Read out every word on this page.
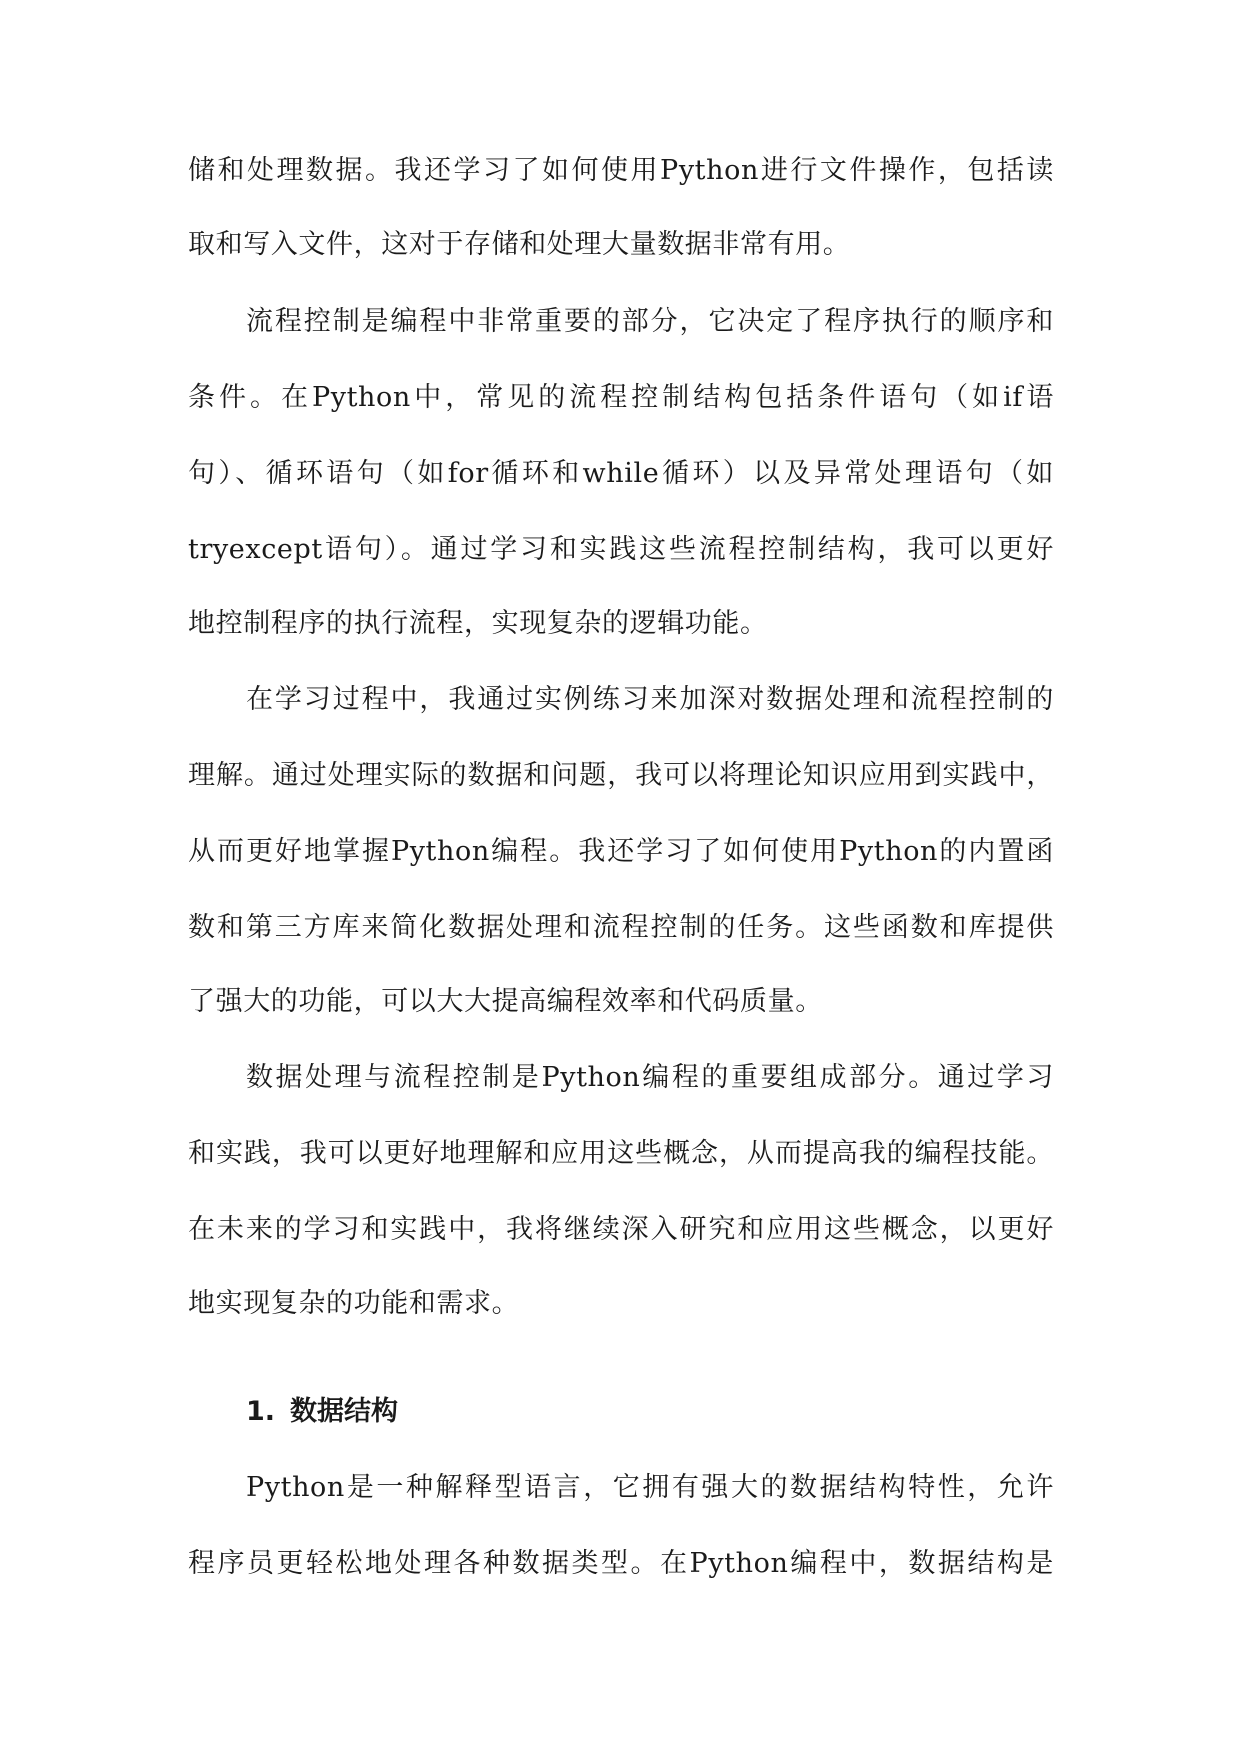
储和处理数据。我还学习了如何使用Python进行文件操作，包括读
取和写入文件，这对于存储和处理大量数据非常有用。
流程控制是编程中非常重要的部分，它决定了程序执行的顺序和
条件。在Python中，常见的流程控制结构包括条件语句（如if语
句）、循环语句（如for循环和while循环）以及异常处理语句（如
tryexcept语句）。通过学习和实践这些流程控制结构，我可以更好
地控制程序的执行流程，实现复杂的逻辑功能。
在学习过程中，我通过实例练习来加深对数据处理和流程控制的
理解。通过处理实际的数据和问题，我可以将理论知识应用到实践中，
从而更好地掌握Python编程。我还学习了如何使用Python的内置函
数和第三方库来简化数据处理和流程控制的任务。这些函数和库提供
了强大的功能，可以大大提高编程效率和代码质量。
数据处理与流程控制是Python编程的重要组成部分。通过学习
和实践，我可以更好地理解和应用这些概念，从而提高我的编程技能。
在未来的学习和实践中，我将继续深入研究和应用这些概念，以更好
地实现复杂的功能和需求。
1. 数据结构
Python是一种解释型语言，它拥有强大的数据结构特性，允许
程序员更轻松地处理各种数据类型。在Python编程中，数据结构是
